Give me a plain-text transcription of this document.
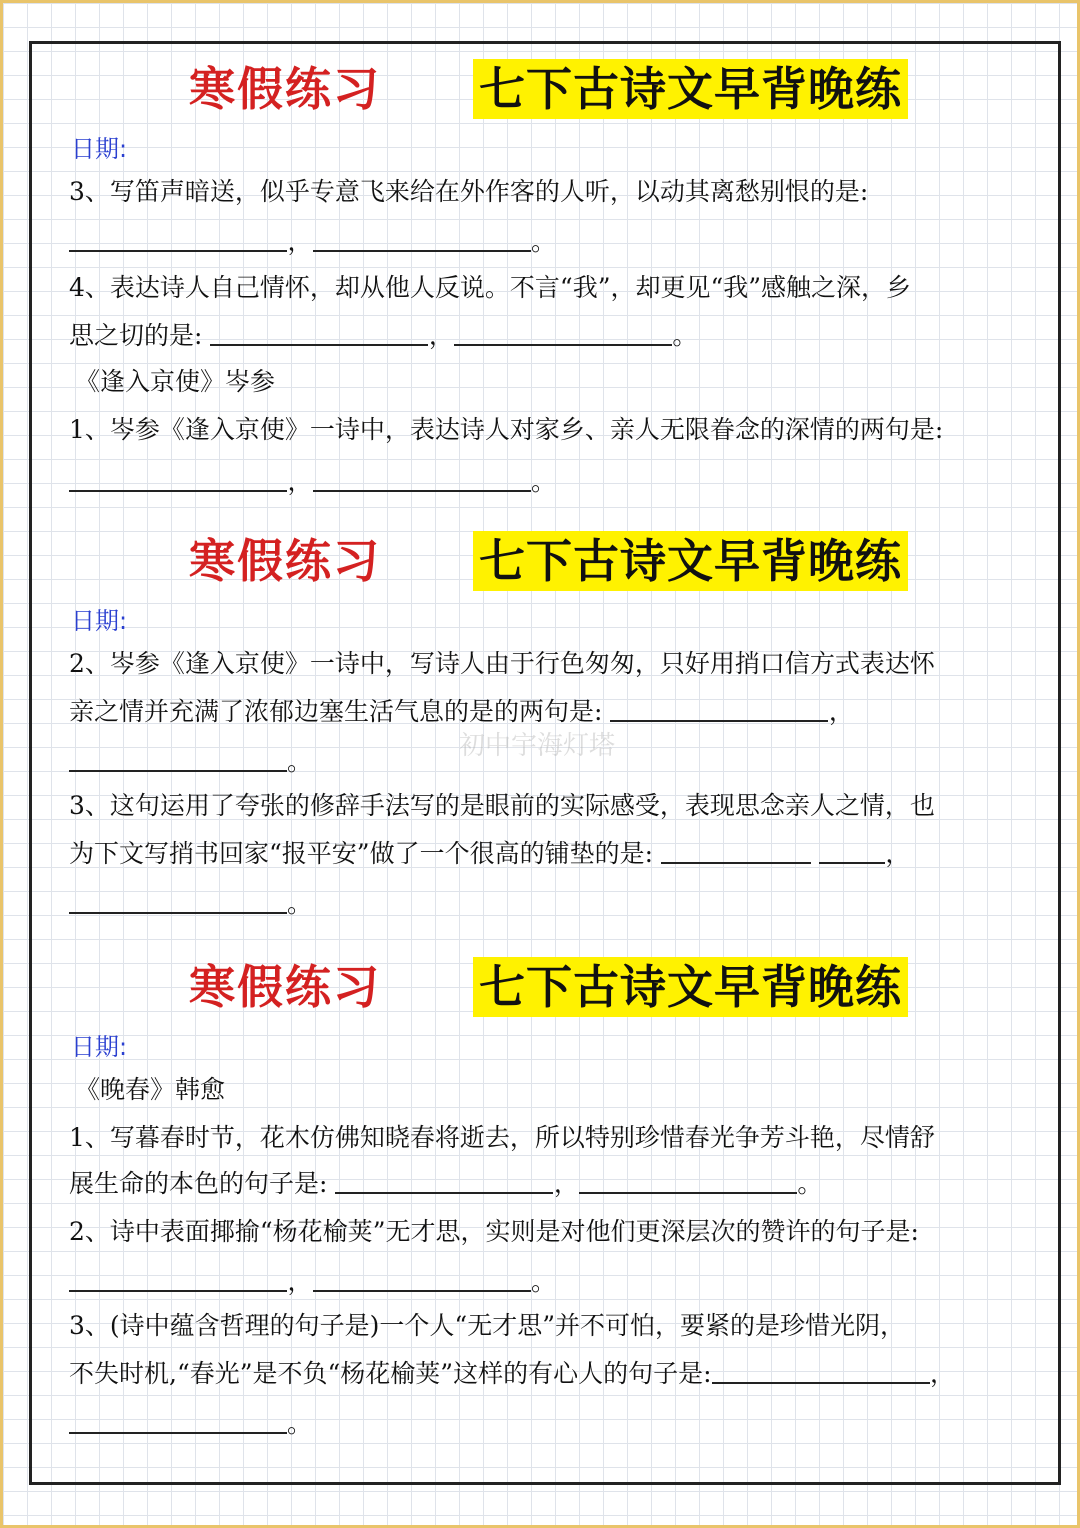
寒假练习 七下古诗文早背晚练
日期:
3、写笛声暗送，似乎专意飞来给在外作客的人听，以动其离愁别恨的是:
，	。
4、表达诗人自己情怀，却从他人反说。不言“我”，却更见“我”感触之深，乡
思之切的是:	，	。
《逢入京使》岑参
1、岑参《逢入京使》一诗中，表达诗人对家乡、亲人无限眷念的深情的两句是:
，	。
寒假练习 七下古诗文早背晚练
日期:
2、岑参《逢入京使》一诗中，写诗人由于行色匆匆，只好用捎口信方式表达怀
亲之情并充满了浓郁边塞生活气息的是的两句是:	，
。
3、这句运用了夸张的修辞手法写的是眼前的实际感受，表现思念亲人之情，也
为下文写捎书回家“报平安”做了一个很高的铺垫的是:	，
。
初中宇海灯塔
寒假练习 七下古诗文早背晚练
日期:
《晚春》韩愈
1、写暮春时节，花木仿佛知晓春将逝去，所以特别珍惜春光争芳斗艳，尽情舒
展生命的本色的句子是:	，	。
2、诗中表面揶揄“杨花榆荚”无才思，实则是对他们更深层次的赞许的句子是:
，	。
3、(诗中蕴含哲理的句子是)一个人“无才思”并不可怕，要紧的是珍惜光阴，
不失时机,“春光”是不负“杨花榆荚”这样的有心人的句子是:	，
。
